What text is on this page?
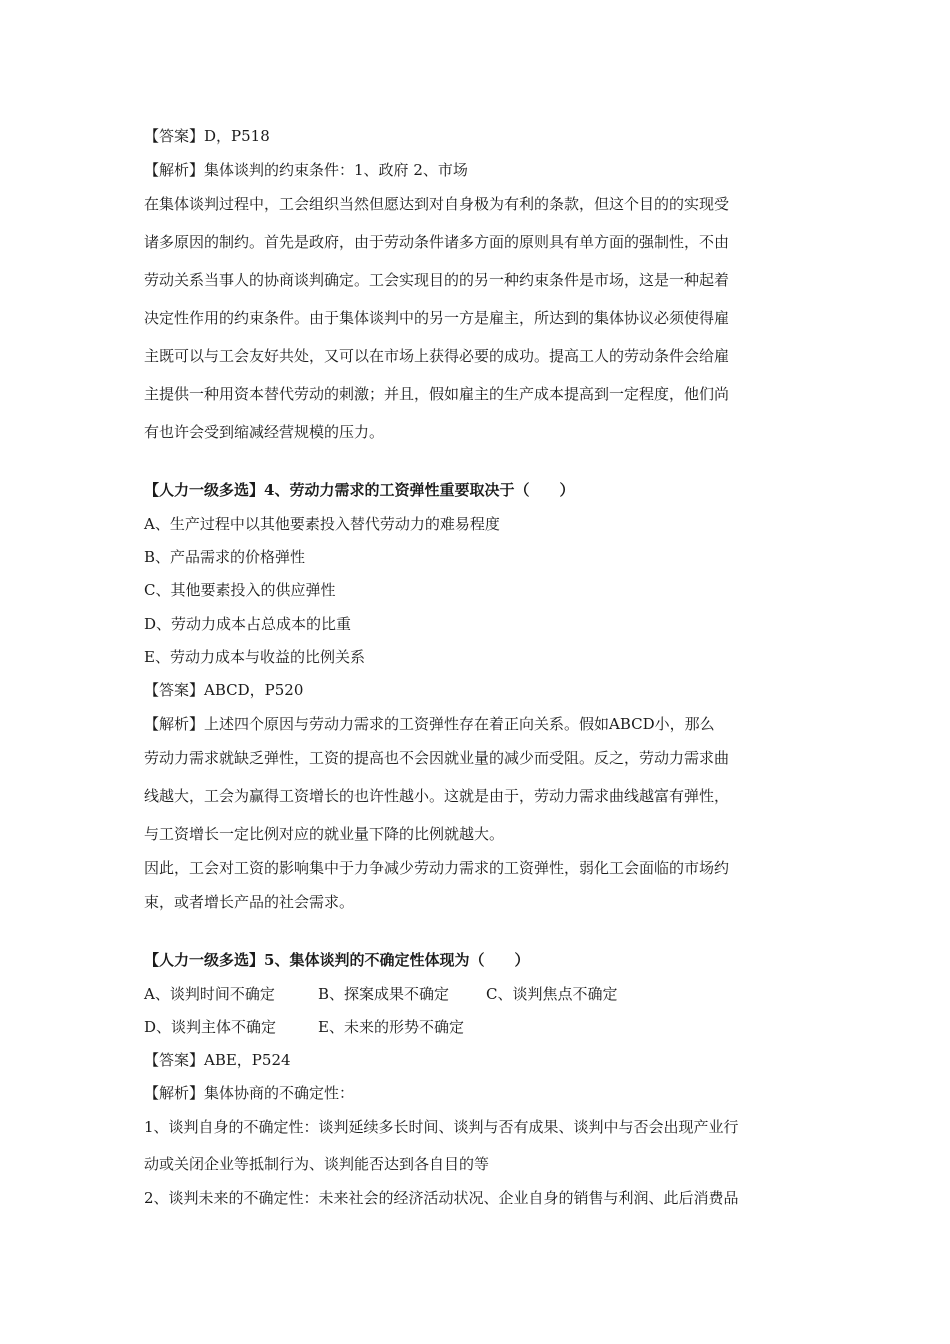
【答案】D，P518
【解析】集体谈判的约束条件：1、政府 2、市场
在集体谈判过程中，工会组织当然但愿达到对自身极为有利的条款，但这个目的的实现受
诸多原因的制约。首先是政府，由于劳动条件诸多方面的原则具有单方面的强制性，不由
劳动关系当事人的协商谈判确定。工会实现目的的另一种约束条件是市场，这是一种起着
决定性作用的约束条件。由于集体谈判中的另一方是雇主，所达到的集体协议必须使得雇
主既可以与工会友好共处，又可以在市场上获得必要的成功。提高工人的劳动条件会给雇
主提供一种用资本替代劳动的刺激；并且，假如雇主的生产成本提高到一定程度，他们尚
有也许会受到缩减经营规模的压力。
【人力一级多选】4、劳动力需求的工资弹性重要取决于（　　）
A、生产过程中以其他要素投入替代劳动力的难易程度
B、产品需求的价格弹性
C、其他要素投入的供应弹性
D、劳动力成本占总成本的比重
E、劳动力成本与收益的比例关系
【答案】ABCD，P520
【解析】上述四个原因与劳动力需求的工资弹性存在着正向关系。假如ABCD小，那么
劳动力需求就缺乏弹性，工资的提高也不会因就业量的减少而受阻。反之，劳动力需求曲
线越大，工会为赢得工资增长的也许性越小。这就是由于，劳动力需求曲线越富有弹性，
与工资增长一定比例对应的就业量下降的比例就越大。
因此，工会对工资的影响集中于力争减少劳动力需求的工资弹性，弱化工会面临的市场约
束，或者增长产品的社会需求。
【人力一级多选】5、集体谈判的不确定性体现为（　　）
A、谈判时间不确定	B、探案成果不确定 C、谈判焦点不确定
D、谈判主体不确定	E、未来的形势不确定
【答案】ABE，P524
【解析】集体协商的不确定性：
1、谈判自身的不确定性：谈判延续多长时间、谈判与否有成果、谈判中与否会出现产业行
动或关闭企业等抵制行为、谈判能否达到各自目的等
2、谈判未来的不确定性：未来社会的经济活动状况、企业自身的销售与利润、此后消费品
